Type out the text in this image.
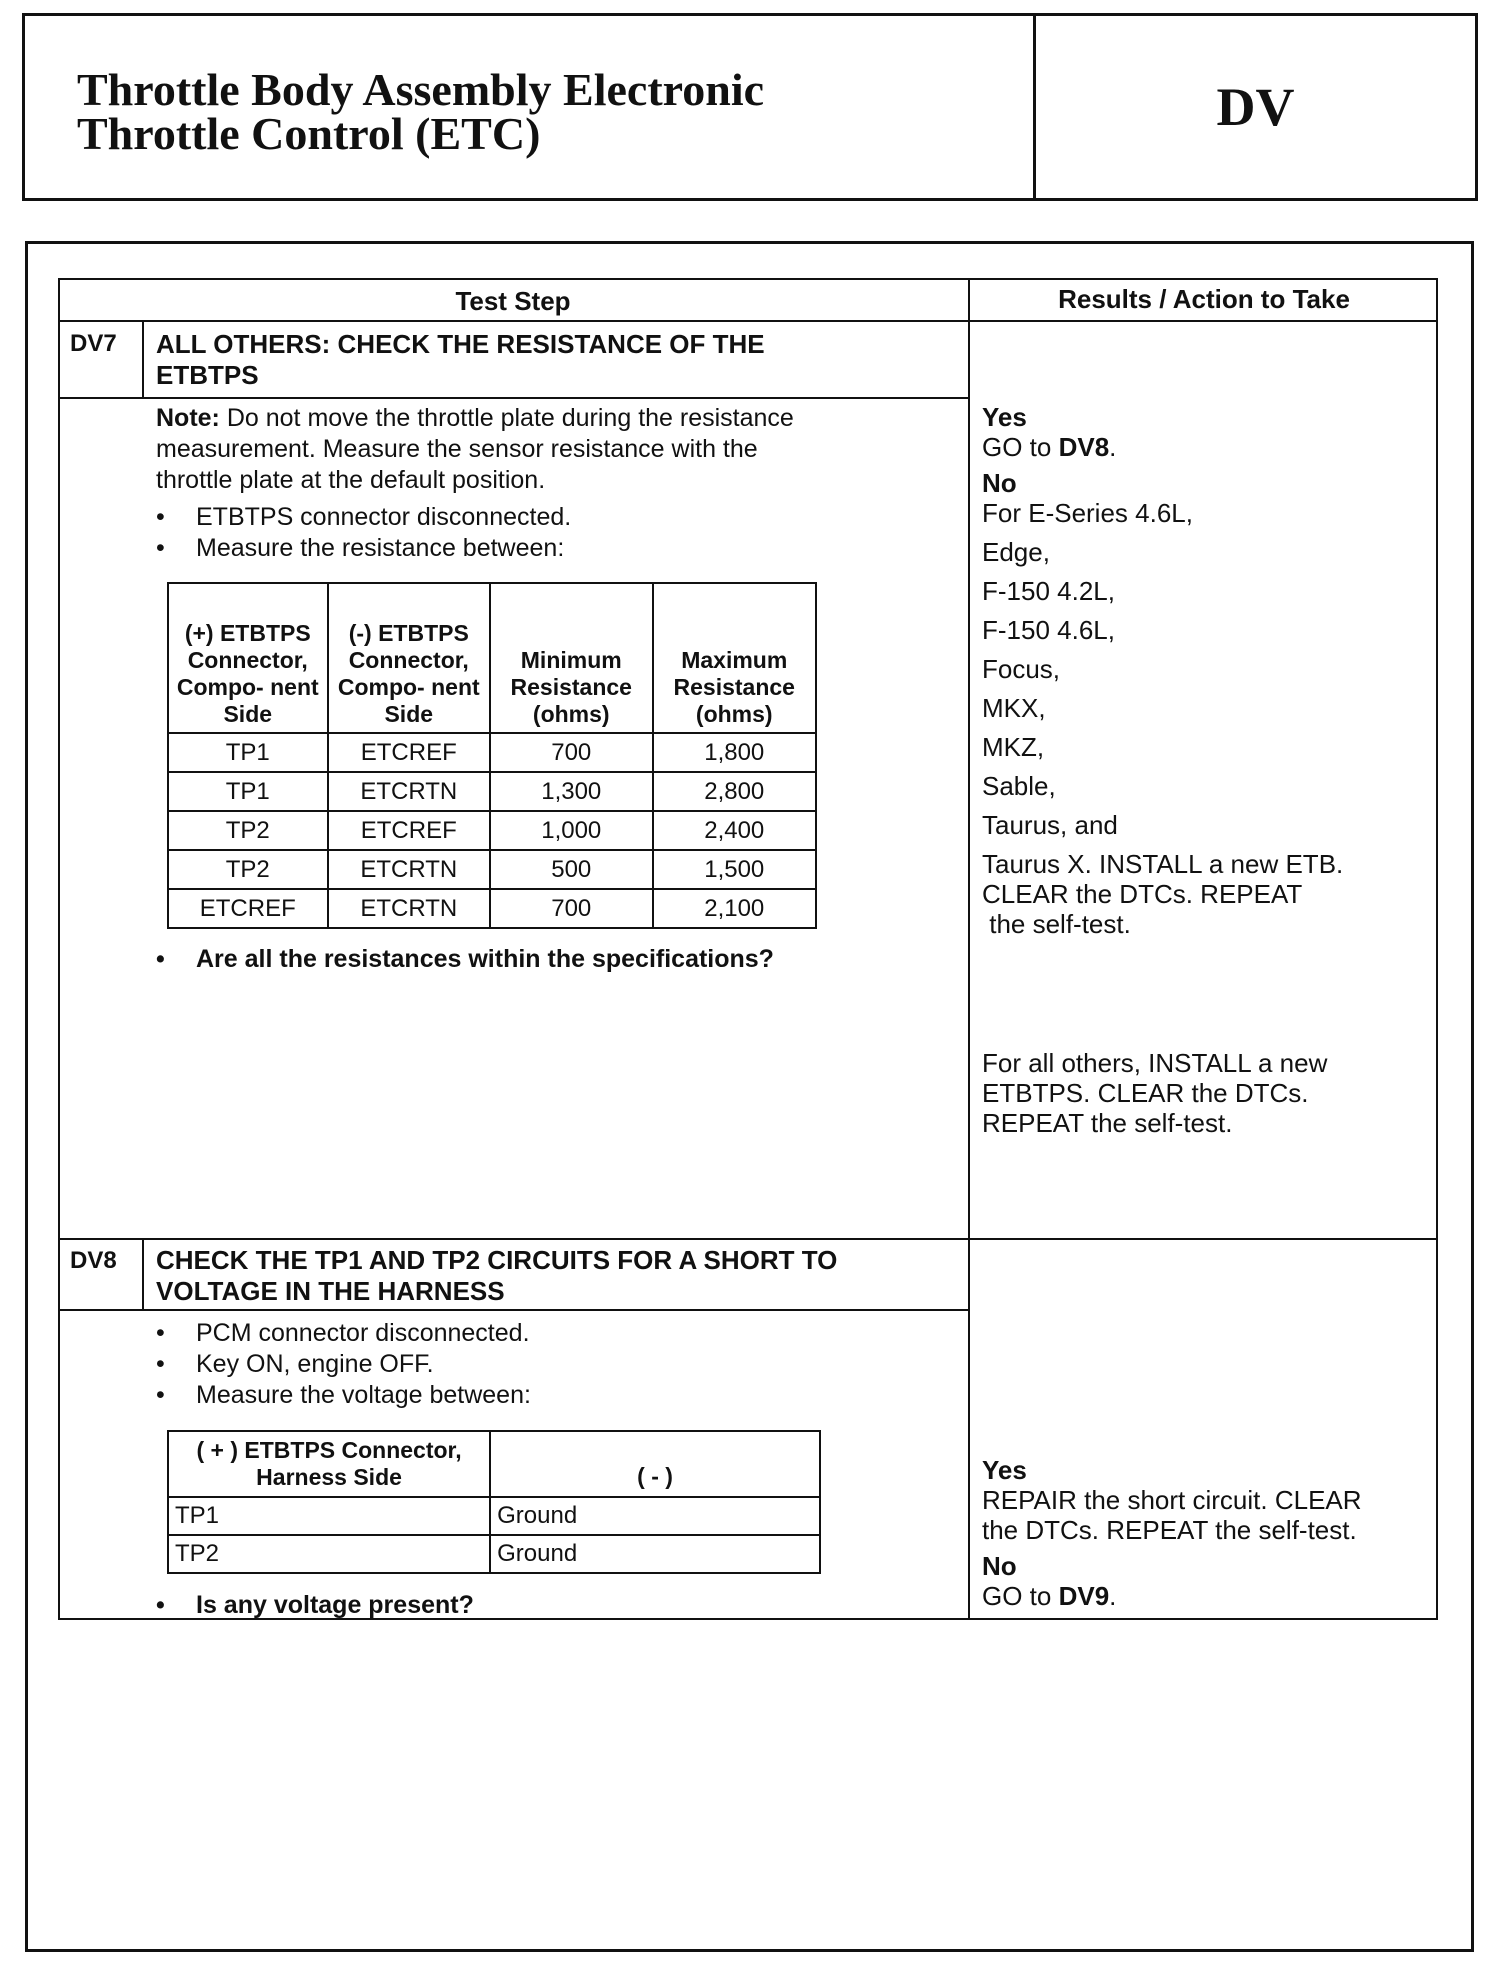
Throttle Body Assembly Electronic
Throttle Control (ETC)	DV
Test Step	Results / Action to Take
DV7 ALL OTHERS: CHECK THE RESISTANCE OF THE
ETBTPS
Note: Do not move the throttle plate during the resistance
measurement. Measure the sensor resistance with the
throttle plate at the default position.
• ETBTPS connector disconnected.
• Measure the resistance between:
(+) ETBTPS Connector, Compo- nent Side	(-) ETBTPS Connector, Compo- nent Side	Minimum Resistance (ohms)	Maximum Resistance (ohms)
TP1	ETCREF	700	1,800
TP1	ETCRTN	1,300	2,800
TP2	ETCREF	1,000	2,400
TP2	ETCRTN	500	1,500
ETCREF	ETCRTN	700	2,100
• Are all the resistances within the specifications?
Yes
GO to DV8.
No
For E-Series 4.6L,
Edge,
F-150 4.2L,
F-150 4.6L,
Focus,
MKX,
MKZ,
Sable,
Taurus, and
Taurus X. INSTALL a new ETB.
CLEAR the DTCs. REPEAT
the self-test.
For all others, INSTALL a new
ETBTPS. CLEAR the DTCs.
REPEAT the self-test.
DV8 CHECK THE TP1 AND TP2 CIRCUITS FOR A SHORT TO
VOLTAGE IN THE HARNESS
• PCM connector disconnected.
• Key ON, engine OFF.
• Measure the voltage between:
( + ) ETBTPS Connector, Harness Side	( - )
TP1	Ground
TP2	Ground
• Is any voltage present?
Yes
REPAIR the short circuit. CLEAR
the DTCs. REPEAT the self-test.
No
GO to DV9.
